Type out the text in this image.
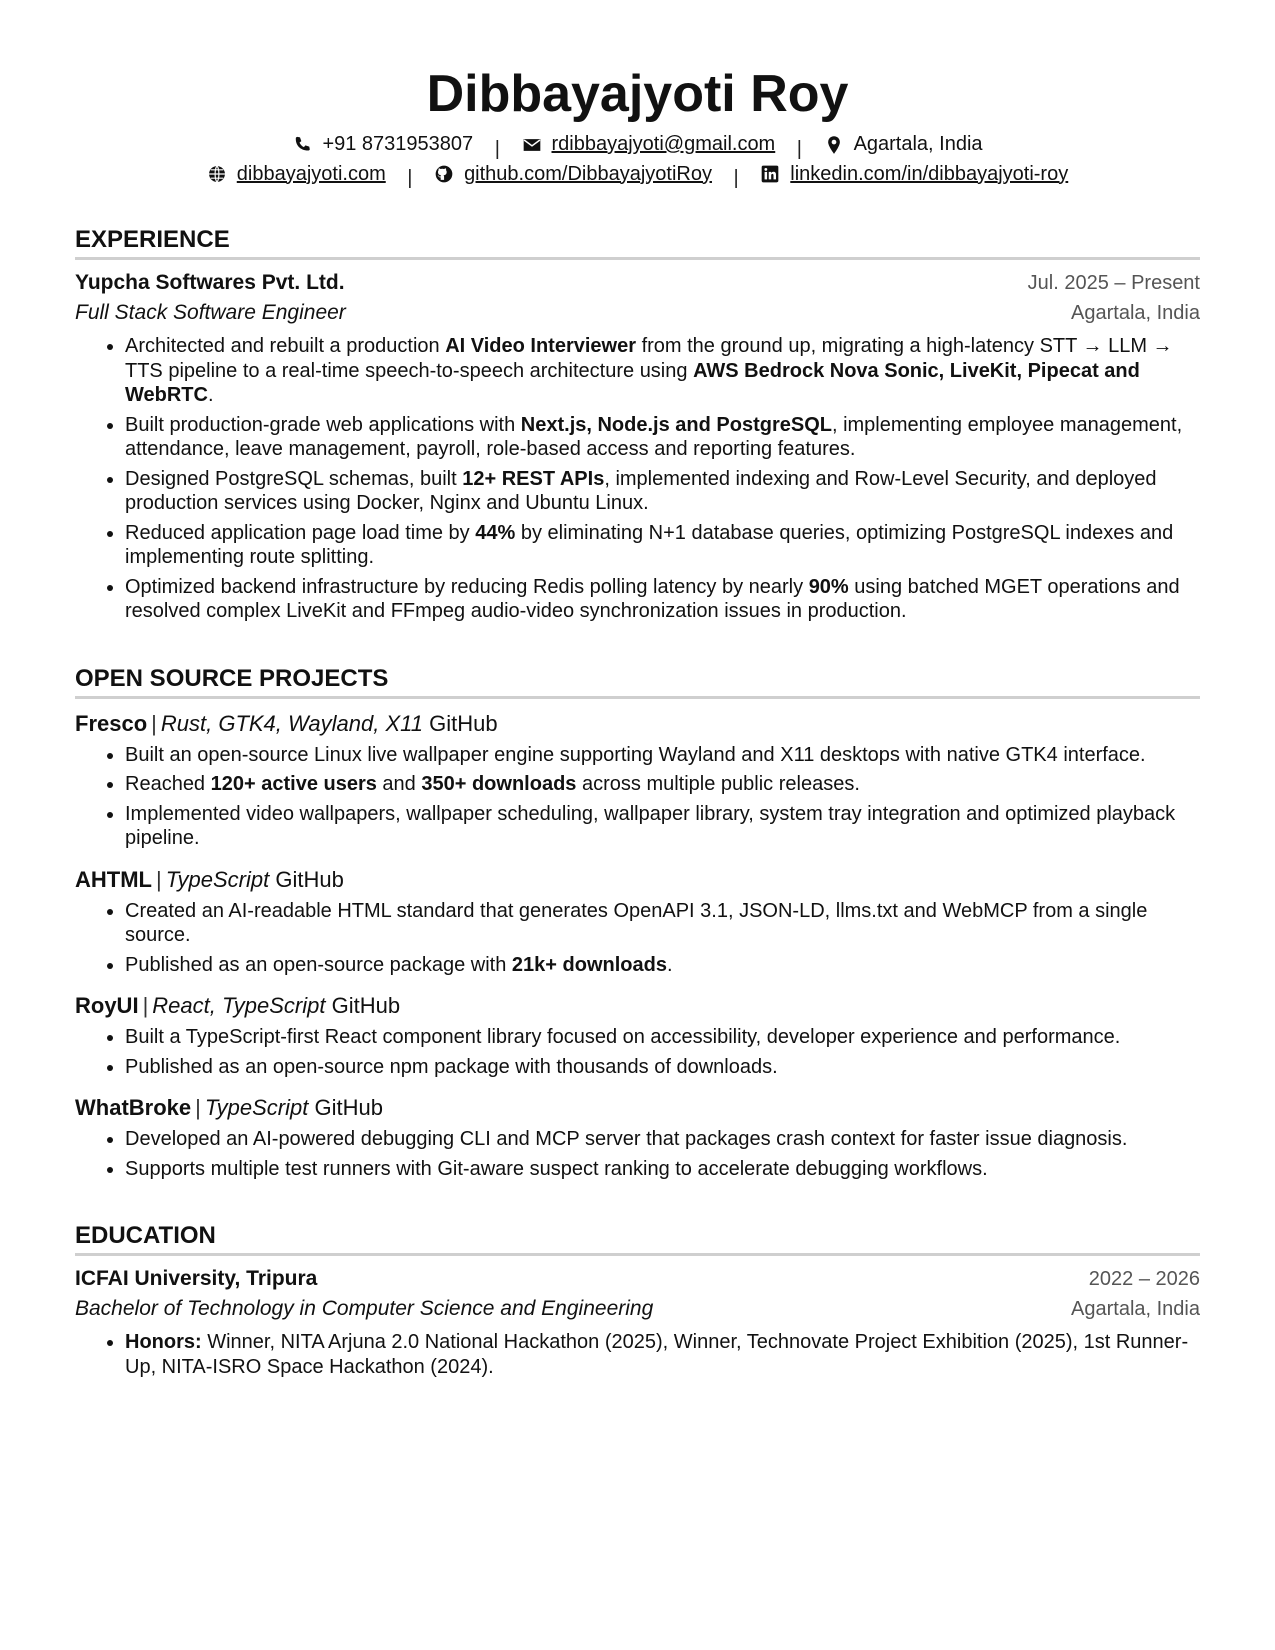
Dibbayajyoti Roy
+91 8731953807 |	rdibbayajyoti@gmail.com |	Agartala, India
dibbayajyoti.com |	github.com/DibbayajyotiRoy |	linkedin.com/in/dibbayajyoti-roy
EXPERIENCE
Yupcha Softwares Pvt. Ltd.	Jul. 2025 – Present
Full Stack Software Engineer	Agartala, India
Architected and rebuilt a production AI Video Interviewer from the ground up, migrating a high-latency STT → LLM → TTS pipeline to a real-time speech-to-speech architecture using AWS Bedrock Nova Sonic, LiveKit, Pipecat and WebRTC.
Built production-grade web applications with Next.js, Node.js and PostgreSQL, implementing employee management, attendance, leave management, payroll, role-based access and reporting features.
Designed PostgreSQL schemas, built 12+ REST APIs, implemented indexing and Row-Level Security, and deployed production services using Docker, Nginx and Ubuntu Linux.
Reduced application page load time by 44% by eliminating N+1 database queries, optimizing PostgreSQL indexes and implementing route splitting.
Optimized backend infrastructure by reducing Redis polling latency by nearly 90% using batched MGET operations and resolved complex LiveKit and FFmpeg audio-video synchronization issues in production.
OPEN SOURCE PROJECTS
Fresco | Rust, GTK4, Wayland, X11 GitHub
Built an open-source Linux live wallpaper engine supporting Wayland and X11 desktops with native GTK4 interface.
Reached 120+ active users and 350+ downloads across multiple public releases.
Implemented video wallpapers, wallpaper scheduling, wallpaper library, system tray integration and optimized playback pipeline.
AHTML | TypeScript GitHub
Created an AI-readable HTML standard that generates OpenAPI 3.1, JSON-LD, llms.txt and WebMCP from a single source.
Published as an open-source package with 21k+ downloads.
RoyUI | React, TypeScript GitHub
Built a TypeScript-first React component library focused on accessibility, developer experience and performance.
Published as an open-source npm package with thousands of downloads.
WhatBroke | TypeScript GitHub
Developed an AI-powered debugging CLI and MCP server that packages crash context for faster issue diagnosis.
Supports multiple test runners with Git-aware suspect ranking to accelerate debugging workflows.
EDUCATION
ICFAI University, Tripura	2022 – 2026
Bachelor of Technology in Computer Science and Engineering	Agartala, India
Honors: Winner, NITA Arjuna 2.0 National Hackathon (2025), Winner, Technovate Project Exhibition (2025), 1st Runner-Up, NITA-ISRO Space Hackathon (2024).
